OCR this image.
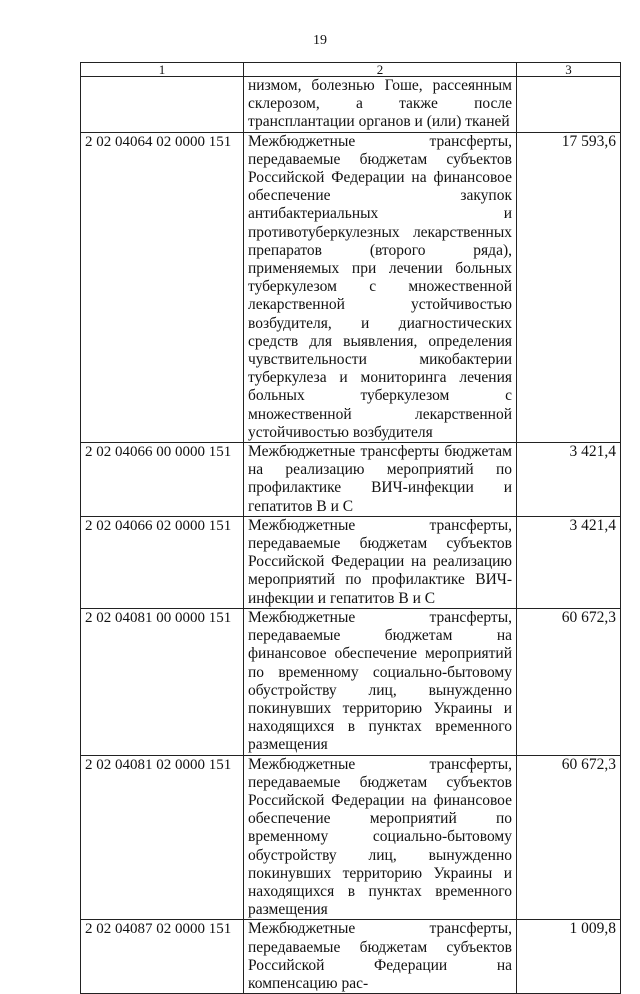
19
1	2	3
	низмом, болезнью Гоше, рассеянным склерозом, а также после трансплантации органов и (или) тканей	
2 02 04064 02 0000 151	Межбюджетные трансферты, передаваемые бюджетам субъектов Российской Федерации на финансовое обеспечение закупок антибактериальных и противотуберкулезных лекарственных препаратов (второго ряда), применяемых при лечении больных туберкулезом с множественной лекарственной устойчивостью возбудителя, и диагностических средств для выявления, определения чувствительности микобактерии туберкулеза и мониторинга лечения больных туберкулезом с множественной лекарственной устойчивостью возбудителя	17 593,6
2 02 04066 00 0000 151	Межбюджетные трансферты бюджетам на реализацию мероприятий по профилактике ВИЧ-инфекции и гепатитов В и С	3 421,4
2 02 04066 02 0000 151	Межбюджетные трансферты, передаваемые бюджетам субъектов Российской Федерации на реализацию мероприятий по профилактике ВИЧ-инфекции и гепатитов В и С	3 421,4
2 02 04081 00 0000 151	Межбюджетные трансферты, передаваемые бюджетам на финансовое обеспечение мероприятий по временному социально-бытовому обустройству лиц, вынужденно покинувших территорию Украины и находящихся в пунктах временного размещения	60 672,3
2 02 04081 02 0000 151	Межбюджетные трансферты, передаваемые бюджетам субъектов Российской Федерации на финансовое обеспечение мероприятий по временному социально-бытовому обустройству лиц, вынужденно покинувших территорию Украины и находящихся в пунктах временного размещения	60 672,3
2 02 04087 02 0000 151	Межбюджетные трансферты, передаваемые бюджетам субъектов Российской Федерации на компенсацию рас-	1 009,8
